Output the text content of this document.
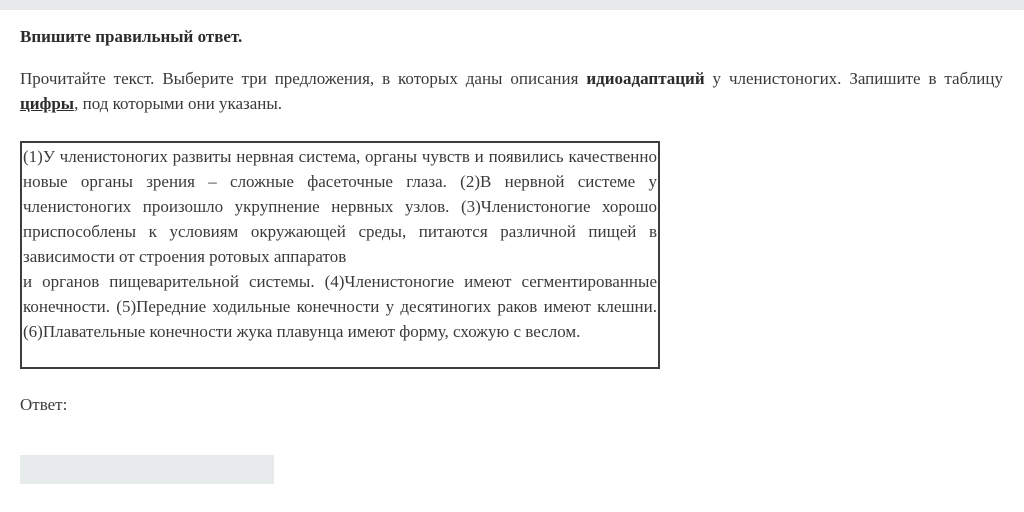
Впишите правильный ответ.
Прочитайте текст. Выберите три предложения, в которых даны описания идиоадаптаций у членистоногих. Запишите в таблицу цифры, под которыми они указаны.
(1)У членистоногих развиты нервная система, органы чувств и появились качественно новые органы зрения – сложные фасеточные глаза. (2)В нервной системе у членистоногих произошло укрупнение нервных узлов. (3)Членистоногие хорошо приспособлены к условиям окружающей среды, питаются различной пищей в зависимости от строения ротовых аппаратов
и органов пищеварительной системы. (4)Членистоногие имеют сегментированные конечности. (5)Передние ходильные конечности у десятиногих раков имеют клешни. (6)Плавательные конечности жука плавунца имеют форму, схожую с веслом.
Ответ:
